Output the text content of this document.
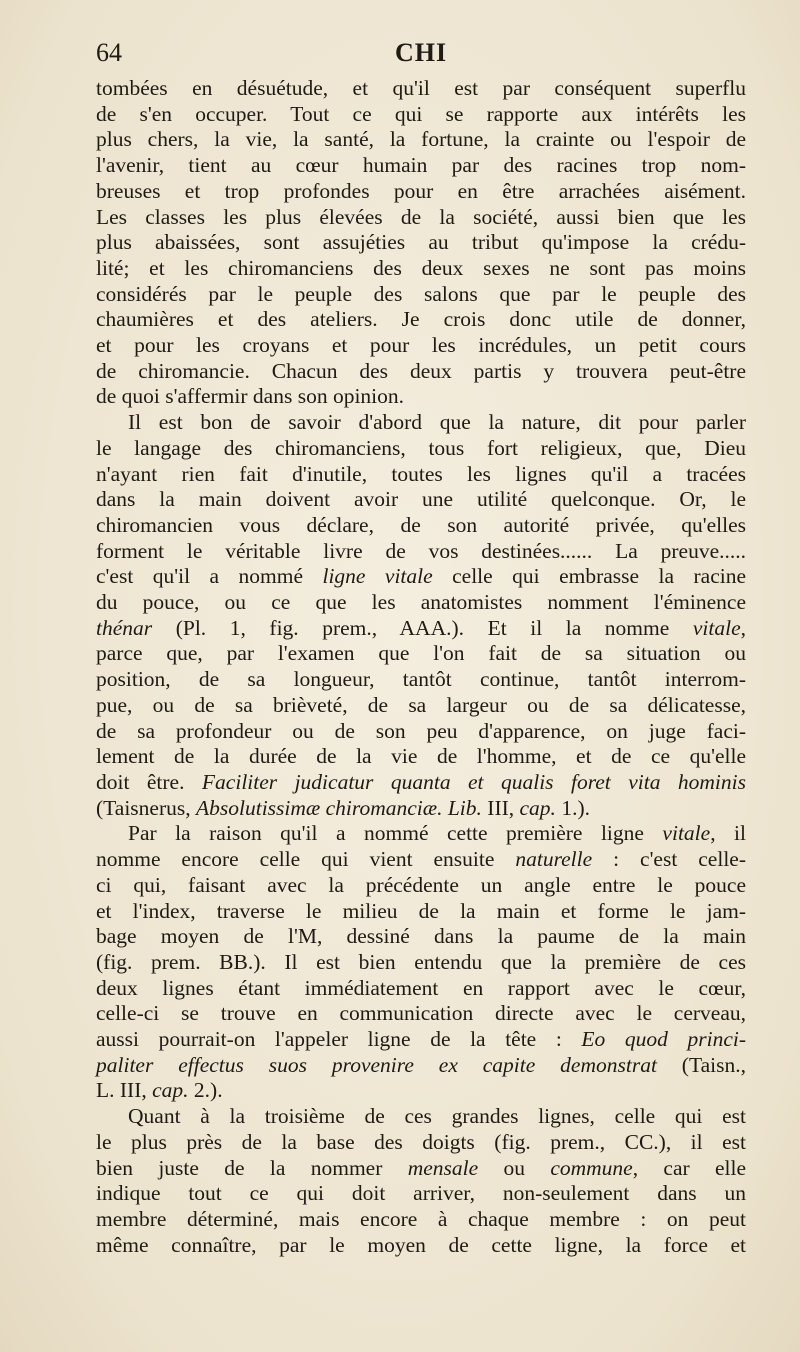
64	CHI
tombées en désuétude, et qu'il est par conséquent superflu
de s'en occuper. Tout ce qui se rapporte aux intérêts les
plus chers, la vie, la santé, la fortune, la crainte ou l'espoir de
l'avenir, tient au cœur humain par des racines trop nom-
breuses et trop profondes pour en être arrachées aisément.
Les classes les plus élevées de la société, aussi bien que les
plus abaissées, sont assujéties au tribut qu'impose la crédu-
lité; et les chiromanciens des deux sexes ne sont pas moins
considérés par le peuple des salons que par le peuple des
chaumières et des ateliers. Je crois donc utile de donner,
et pour les croyans et pour les incrédules, un petit cours
de chiromancie. Chacun des deux partis y trouvera peut-être
de quoi s'affermir dans son opinion.
Il est bon de savoir d'abord que la nature, dit pour parler
le langage des chiromanciens, tous fort religieux, que, Dieu
n'ayant rien fait d'inutile, toutes les lignes qu'il a tracées
dans la main doivent avoir une utilité quelconque. Or, le
chiromancien vous déclare, de son autorité privée, qu'elles
forment le véritable livre de vos destinées...... La preuve.....
c'est qu'il a nommé ligne vitale celle qui embrasse la racine
du pouce, ou ce que les anatomistes nomment l'éminence
thénar (Pl. 1, fig. prem., AAA.). Et il la nomme vitale,
parce que, par l'examen que l'on fait de sa situation ou
position, de sa longueur, tantôt continue, tantôt interrom-
pue, ou de sa brièveté, de sa largeur ou de sa délicatesse,
de sa profondeur ou de son peu d'apparence, on juge faci-
lement de la durée de la vie de l'homme, et de ce qu'elle
doit être. Faciliter judicatur quanta et qualis foret vita hominis
(Taisnerus, Absolutissimæ chiromanciæ. Lib. III, cap. 1.).
Par la raison qu'il a nommé cette première ligne vitale, il
nomme encore celle qui vient ensuite naturelle : c'est celle-
ci qui, faisant avec la précédente un angle entre le pouce
et l'index, traverse le milieu de la main et forme le jam-
bage moyen de l'M, dessiné dans la paume de la main
(fig. prem. BB.). Il est bien entendu que la première de ces
deux lignes étant immédiatement en rapport avec le cœur,
celle-ci se trouve en communication directe avec le cerveau,
aussi pourrait-on l'appeler ligne de la tête : Eo quod princi-
paliter effectus suos provenire ex capite demonstrat (Taisn.,
L. III, cap. 2.).
Quant à la troisième de ces grandes lignes, celle qui est
le plus près de la base des doigts (fig. prem., CC.), il est
bien juste de la nommer mensale ou commune, car elle
indique tout ce qui doit arriver, non-seulement dans un
membre déterminé, mais encore à chaque membre : on peut
même connaître, par le moyen de cette ligne, la force et
